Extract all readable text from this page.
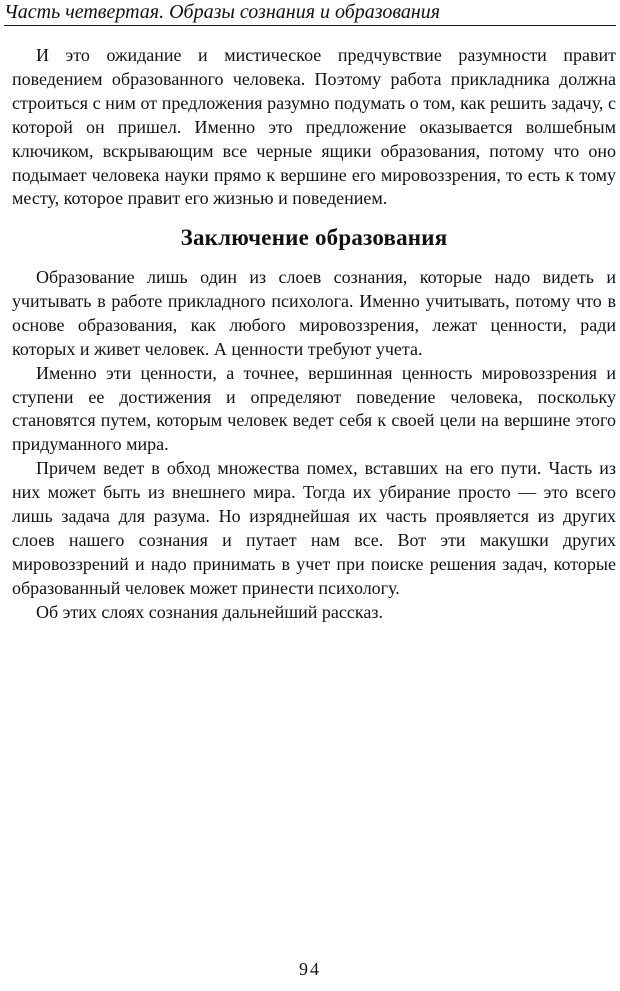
Часть четвертая. Образы сознания и образования

И это ожидание и мистическое предчувствие разумности правит поведением образованного человека. Поэтому работа прикладника должна строиться с ним от предложения разумно подумать о том, как решить задачу, с которой он пришел. Именно это предложение оказывается волшебным ключиком, вскрывающим все черные ящики образования, потому что оно подымает человека науки прямо к вершине его мировоззрения, то есть к тому месту, которое правит его жизнью и поведением.

Заключение образования

Образование лишь один из слоев сознания, которые надо видеть и учитывать в работе прикладного психолога. Именно учитывать, потому что в основе образования, как любого мировоззрения, лежат ценности, ради которых и живет человек. А ценности требуют учета.

Именно эти ценности, а точнее, вершинная ценность мировоззрения и ступени ее достижения и определяют поведение человека, поскольку становятся путем, которым человек ведет себя к своей цели на вершине этого придуманного мира.

Причем ведет в обход множества помех, вставших на его пути. Часть из них может быть из внешнего мира. Тогда их убирание просто — это всего лишь задача для разума. Но изряднейшая их часть проявляется из других слоев нашего сознания и путает нам все. Вот эти макушки других мировоззрений и надо принимать в учет при поиске решения задач, которые образованный человек может принести психологу.

Об этих слоях сознания дальнейший рассказ.

94
